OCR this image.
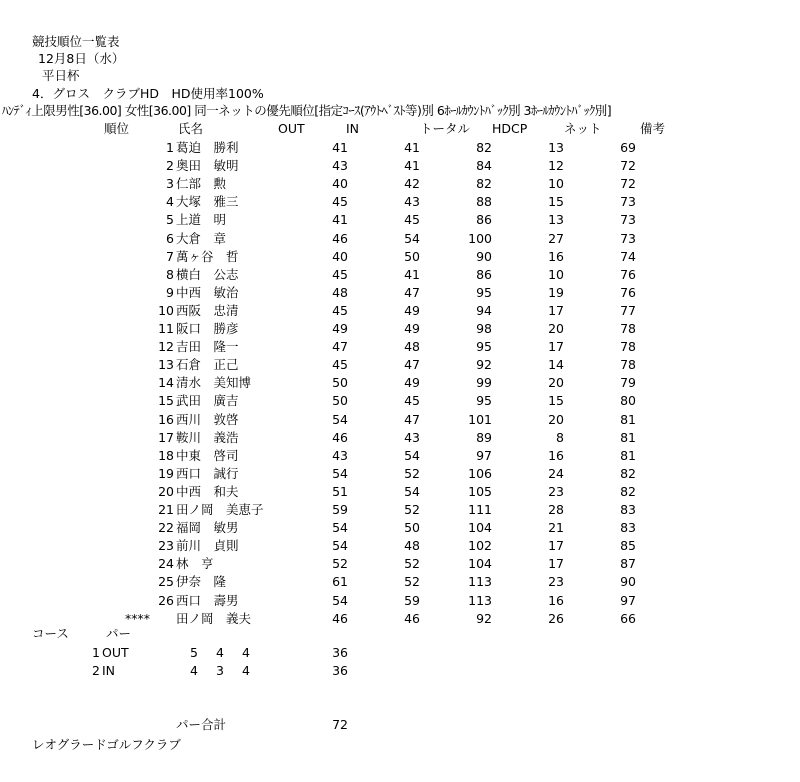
競技順位一覧表
12月8日（水）
平日杯
4．グロス　クラブHD　HD使用率100%
ﾊﾝﾃﾞｨ上限男性[36.00] 女性[36.00] 同一ネットの優先順位[指定ｺｰｽ(ｱｳﾄﾍﾞｽﾄ等)別 6ﾎｰﾙｶｳﾝﾄﾊﾞｯｸ別 3ﾎｰﾙｶｳﾝﾄﾊﾞｯｸ別]
順位	氏名	OUT	IN	トータル HDCP	ネット	備考
1 葛迫　勝利	41	41	82	13	69
2 奥田　敏明	43	41	84	12	72
3 仁部　勲	40	42	82	10	72
4 大塚　雅三	45	43	88	15	73
5 上道　明	41	45	86	13	73
6 大倉　章	46	54	100	27	73
7 萬ヶ谷　哲	40	50	90	16	74
8 横白　公志	45	41	86	10	76
9 中西　敏治	48	47	95	19	76
10 西阪　忠清	45	49	94	17	77
11 阪口　勝彦	49	49	98	20	78
12 吉田　隆一	47	48	95	17	78
13 石倉　正己	45	47	92	14	78
14 清水　美知博	50	49	99	20	79
15 武田　廣吉	50	45	95	15	80
16 西川　敦啓	54	47	101	20	81
17 鞍川　義浩	46	43	89	8	81
18 中東　啓司	43	54	97	16	81
19 西口　誠行	54	52	106	24	82
20 中西　和夫	51	54	105	23	82
21 田ノ岡　美恵子	59	52	111	28	83
22 福岡　敏男	54	50	104	21	83
23 前川　貞則	54	48	102	17	85
24 林　亨	52	52	104	17	87
25 伊奈　隆	61	52	113	23	90
26 西口　壽男	54	59	113	16	97
**** 田ノ岡　義夫	46	46	92	26	66
コース	パー
1 OUT	5	4	4	36
2 IN	4	3	4	36
パー合計	72
レオグラードゴルフクラブ
